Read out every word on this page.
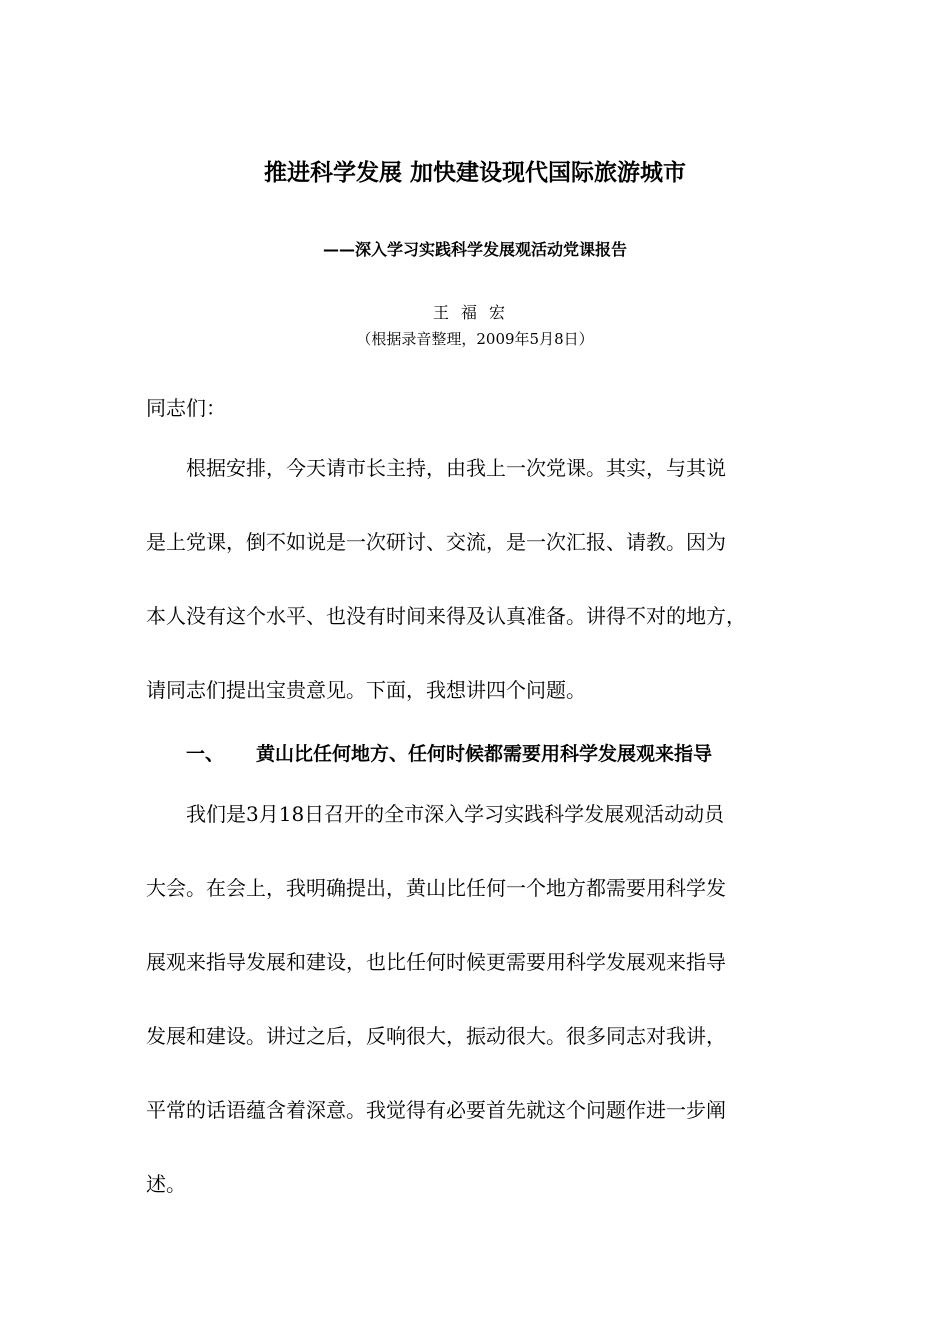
推进科学发展 加快建设现代国际旅游城市
——深入学习实践科学发展观活动党课报告
王福宏
（根据录音整理，2009年5月8日）
同志们：
根据安排，今天请市长主持，由我上一次党课。其实，与其说
是上党课，倒不如说是一次研讨、交流，是一次汇报、请教。因为
本人没有这个水平、也没有时间来得及认真准备。讲得不对的地方，
请同志们提出宝贵意见。下面，我想讲四个问题。
一、 黄山比任何地方、任何时候都需要用科学发展观来指导
我们是3月18日召开的全市深入学习实践科学发展观活动动员
大会。在会上，我明确提出，黄山比任何一个地方都需要用科学发
展观来指导发展和建设，也比任何时候更需要用科学发展观来指导
发展和建设。讲过之后，反响很大，振动很大。很多同志对我讲，
平常的话语蕴含着深意。我觉得有必要首先就这个问题作进一步阐
述。
